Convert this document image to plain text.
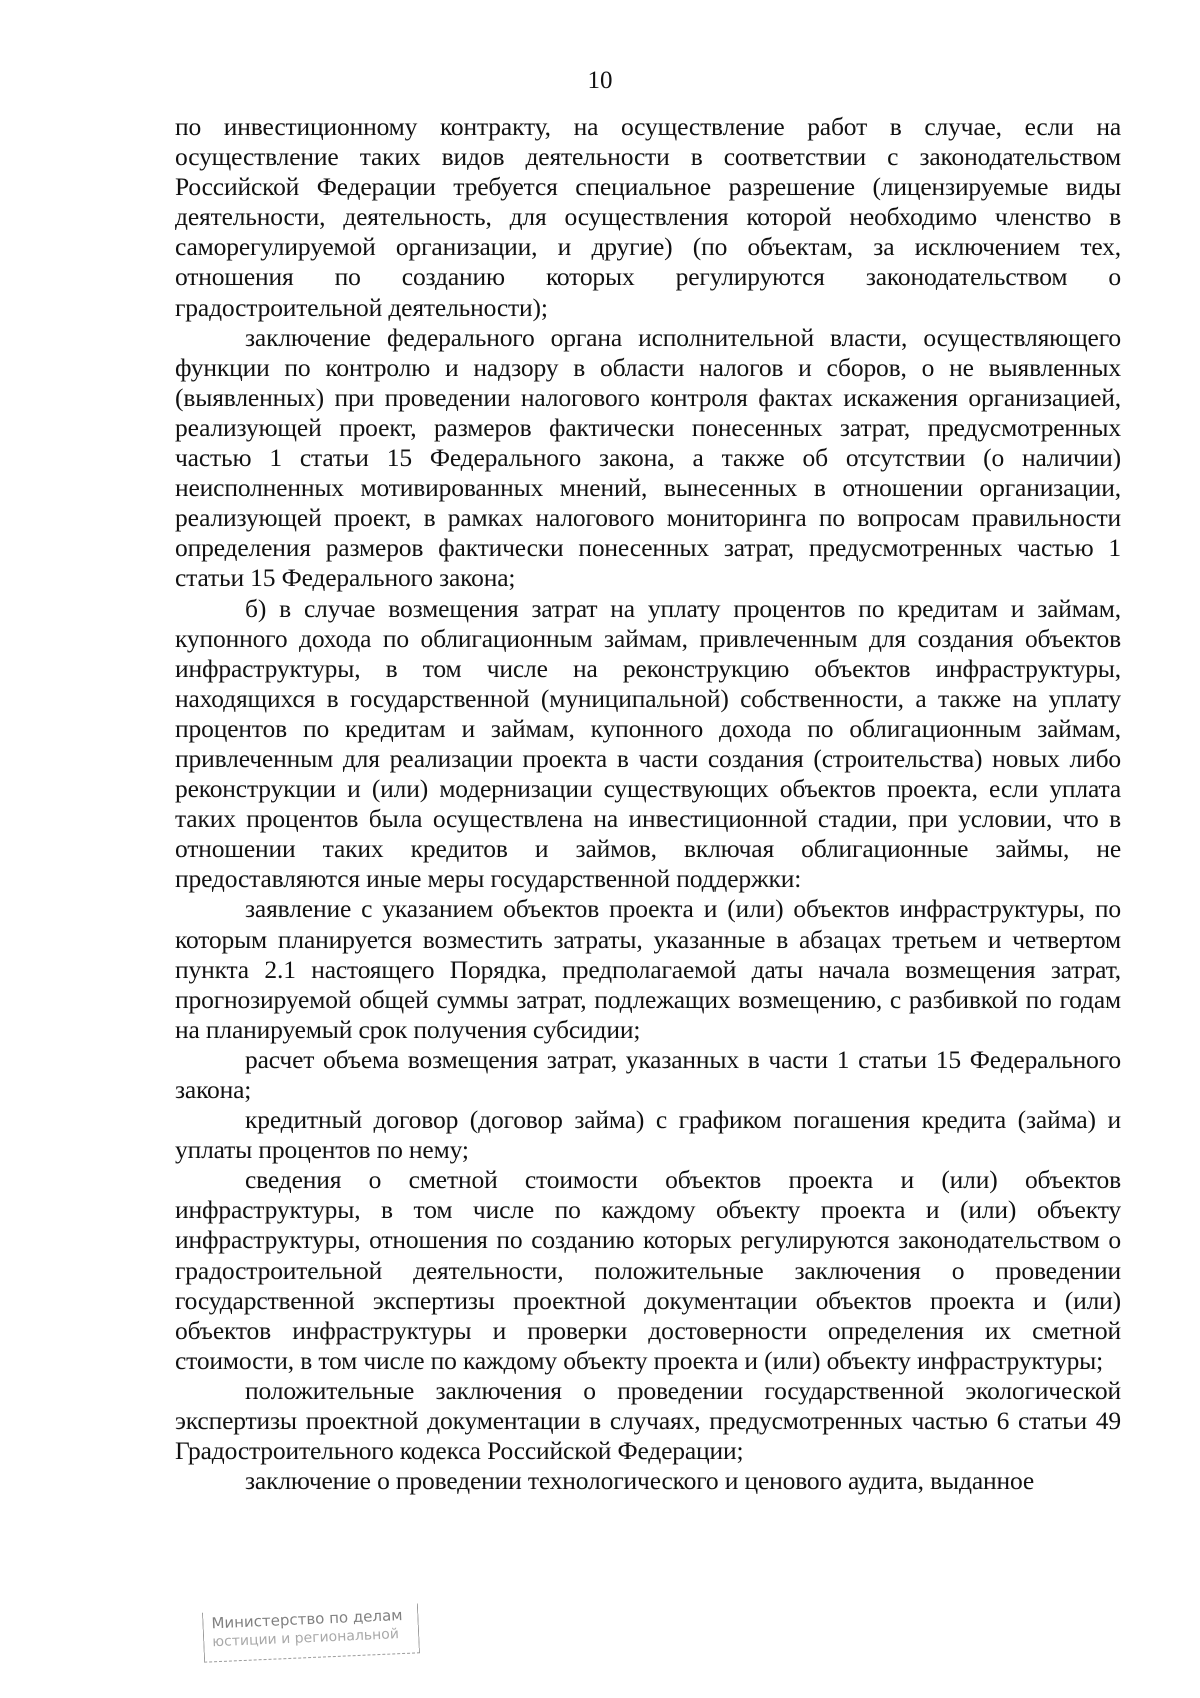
10

по инвестиционному контракту, на осуществление работ в случае, если на осуществление таких видов деятельности в соответствии с законодательством Российской Федерации требуется специальное разрешение (лицензируемые виды деятельности, деятельность, для осуществления которой необходимо членство в саморегулируемой организации, и другие) (по объектам, за исключением тех, отношения по созданию которых регулируются законодательством о градостроительной деятельности);

заключение федерального органа исполнительной власти, осуществляющего функции по контролю и надзору в области налогов и сборов, о не выявленных (выявленных) при проведении налогового контроля фактах искажения организацией, реализующей проект, размеров фактически понесенных затрат, предусмотренных частью 1 статьи 15 Федерального закона, а также об отсутствии (о наличии) неисполненных мотивированных мнений, вынесенных в отношении организации, реализующей проект, в рамках налогового мониторинга по вопросам правильности определения размеров фактически понесенных затрат, предусмотренных частью 1 статьи 15 Федерального закона;

б) в случае возмещения затрат на уплату процентов по кредитам и займам, купонного дохода по облигационным займам, привлеченным для создания объектов инфраструктуры, в том числе на реконструкцию объектов инфраструктуры, находящихся в государственной (муниципальной) собственности, а также на уплату процентов по кредитам и займам, купонного дохода по облигационным займам, привлеченным для реализации проекта в части создания (строительства) новых либо реконструкции и (или) модернизации существующих объектов проекта, если уплата таких процентов была осуществлена на инвестиционной стадии, при условии, что в отношении таких кредитов и займов, включая облигационные займы, не предоставляются иные меры государственной поддержки:

заявление с указанием объектов проекта и (или) объектов инфраструктуры, по которым планируется возместить затраты, указанные в абзацах третьем и четвертом пункта 2.1 настоящего Порядка, предполагаемой даты начала возмещения затрат, прогнозируемой общей суммы затрат, подлежащих возмещению, с разбивкой по годам на планируемый срок получения субсидии;

расчет объема возмещения затрат, указанных в части 1 статьи 15 Федерального закона;

кредитный договор (договор займа) с графиком погашения кредита (займа) и уплаты процентов по нему;

сведения о сметной стоимости объектов проекта и (или) объектов инфраструктуры, в том числе по каждому объекту проекта и (или) объекту инфраструктуры, отношения по созданию которых регулируются законодательством о градостроительной деятельности, положительные заключения о проведении государственной экспертизы проектной документации объектов проекта и (или) объектов инфраструктуры и проверки достоверности определения их сметной стоимости, в том числе по каждому объекту проекта и (или) объекту инфраструктуры;

положительные заключения о проведении государственной экологической экспертизы проектной документации в случаях, предусмотренных частью 6 статьи 49 Градостроительного кодекса Российской Федерации;

заключение о проведении технологического и ценового аудита, выданное

Министерство по делам
юстиции и региональной
